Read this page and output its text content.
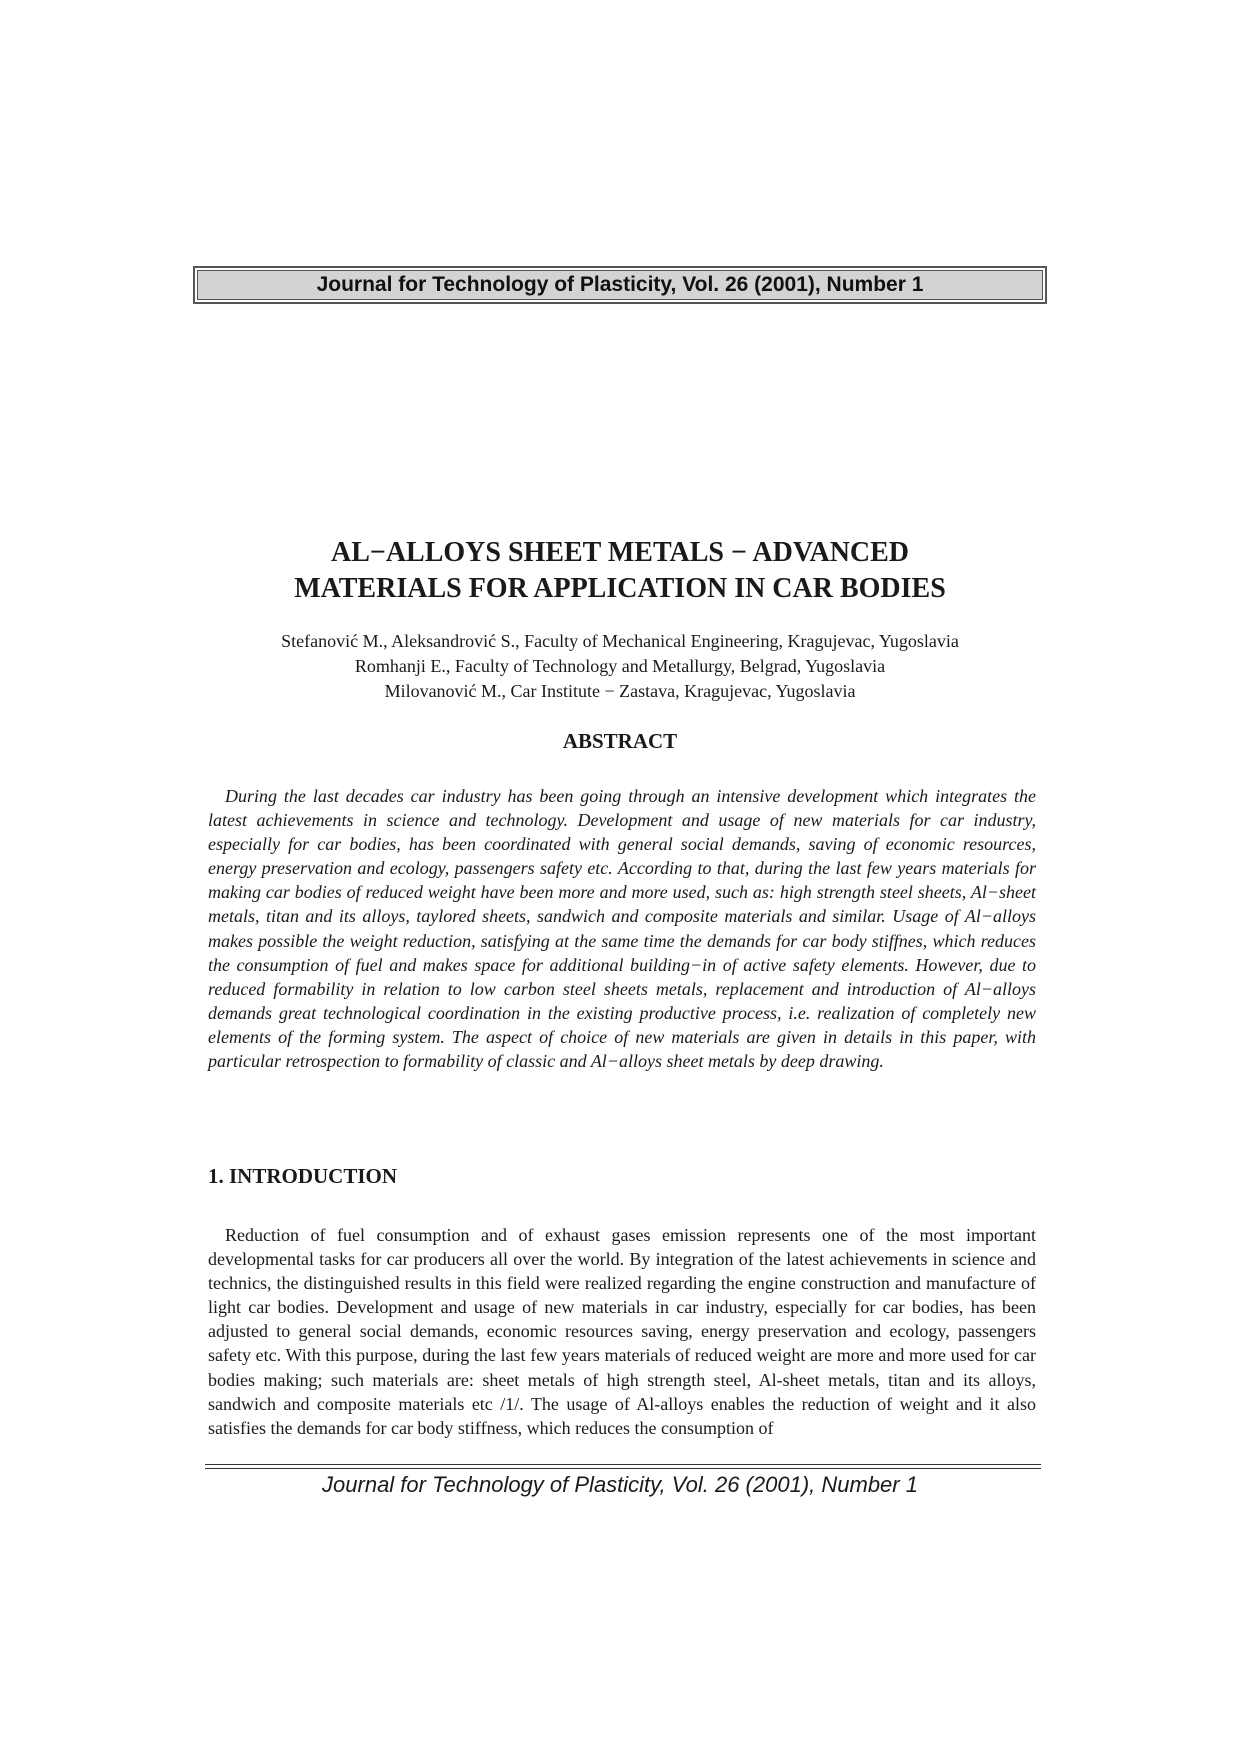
Journal for Technology of Plasticity, Vol. 26 (2001), Number 1
AL−ALLOYS SHEET METALS − ADVANCED
MATERIALS FOR APPLICATION IN CAR BODIES
Stefanović M., Aleksandrović S., Faculty of Mechanical Engineering, Kragujevac, Yugoslavia
Romhanji E., Faculty of Technology and Metallurgy, Belgrad, Yugoslavia
Milovanović M., Car Institute − Zastava, Kragujevac, Yugoslavia
ABSTRACT

During the last decades car industry has been going through an intensive development which integrates the latest achievements in science and technology. Development and usage of new materials for car industry, especially for car bodies, has been coordinated with general social demands, saving of economic resources, energy preservation and ecology, passengers safety etc. According to that, during the last few years materials for making car bodies of reduced weight have been more and more used, such as: high strength steel sheets, Al−sheet metals, titan and its alloys, taylored sheets, sandwich and composite materials and similar. Usage of Al−alloys makes possible the weight reduction, satisfying at the same time the demands for car body stiffnes, which reduces the consumption of fuel and makes space for additional building−in of active safety elements. However, due to reduced formability in relation to low carbon steel sheets metals, replacement and introduction of Al−alloys demands great technological coordination in the existing productive process, i.e. realization of completely new elements of the forming system. The aspect of choice of new materials are given in details in this paper, with particular retrospection to formability of classic and Al−alloys sheet metals by deep drawing.

1. INTRODUCTION

Reduction of fuel consumption and of exhaust gases emission represents one of the most important developmental tasks for car producers all over the world. By integration of the latest achievements in science and technics, the distinguished results in this field were realized regarding the engine construction and manufacture of light car bodies. Development and usage of new materials in car industry, especially for car bodies, has been adjusted to general social demands, economic resources saving, energy preservation and ecology, passengers safety etc. With this purpose, during the last few years materials of reduced weight are more and more used for car bodies making; such materials are: sheet metals of high strength steel, Al-sheet metals, titan and its alloys, sandwich and composite materials etc /1/. The usage of Al-alloys enables the reduction of weight and it also satisfies the demands for car body stiffness, which reduces the consumption of

Journal for Technology of Plasticity, Vol. 26 (2001), Number 1
